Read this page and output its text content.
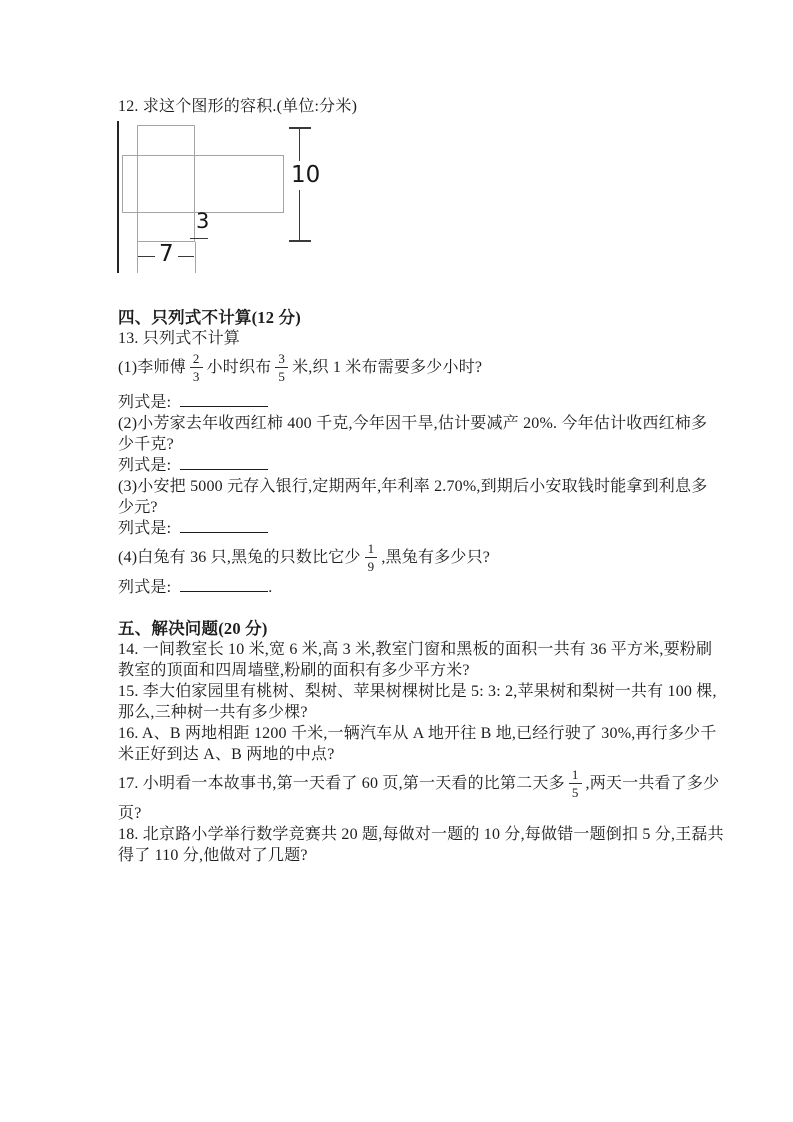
12. 求这个图形的容积.(单位:分米)

7
3
10

四、只列式不计算(12 分)

13. 只列式不计算

(1)李师傅 $\frac{2}{3}$ 小时织布 $\frac{3}{5}$ 米,织 1 米布需要多少小时?

列式是:

(2)小芳家去年收西红柿 400 千克,今年因干旱,估计要减产 20%. 今年估计收西红柿多

少千克?

列式是:

(3)小安把 5000 元存入银行,定期两年,年利率 2.70%,到期后小安取钱时能拿到利息多

少元?

列式是:

(4)白兔有 36 只,黑兔的只数比它少 $\frac{1}{9}$ ,黑兔有多少只?

列式是:	.

五、解决问题(20 分)

14. 一间教室长 10 米,宽 6 米,高 3 米,教室门窗和黑板的面积一共有 36 平方米,要粉刷

教室的顶面和四周墙壁,粉刷的面积有多少平方米?

15. 李大伯家园里有桃树、梨树、苹果树棵树比是 5: 3: 2,苹果树和梨树一共有 100 棵,

那么,三种树一共有多少棵?

16. A、B 两地相距 1200 千米,一辆汽车从 A 地开往 B 地,已经行驶了 30%,再行多少千

米正好到达 A、B 两地的中点?

17. 小明看一本故事书,第一天看了 60 页,第一天看的比第二天多 $\frac{1}{5}$ ,两天一共看了多少

页?

18. 北京路小学举行数学竞赛共 20 题,每做对一题的 10 分,每做错一题倒扣 5 分,王磊共

得了 110 分,他做对了几题?
